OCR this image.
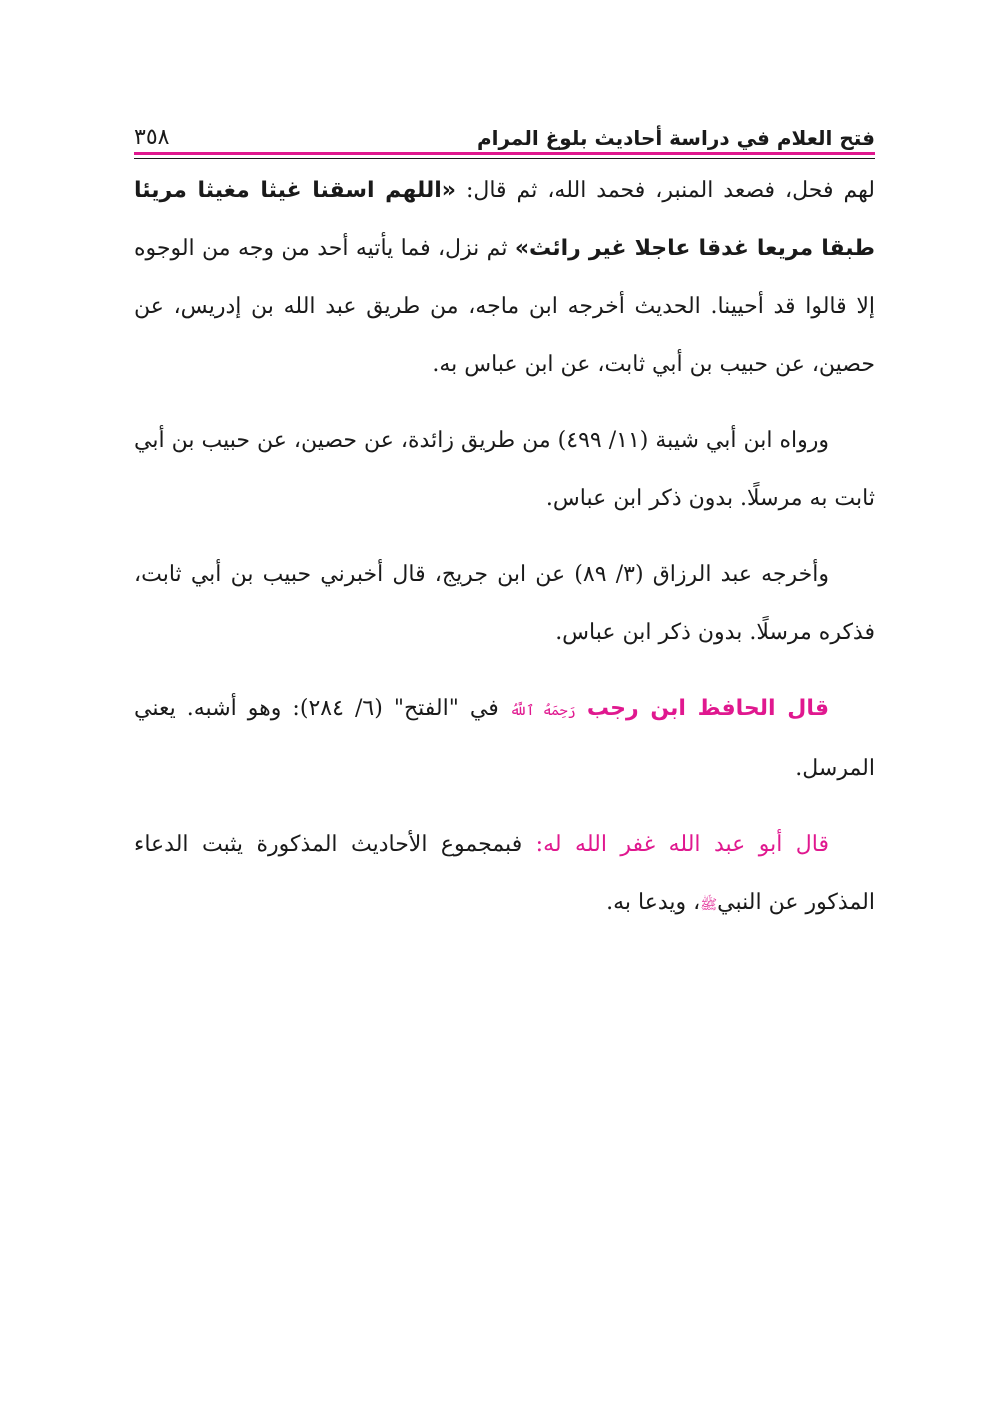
٣٥٨	فتح العلام في دراسة أحاديث بلوغ المرام

لهم فحل، فصعد المنبر، فحمد الله، ثم قال: «اللهم اسقنا غيثا مغيثا مريئا طبقا مريعا غدقا عاجلا غير رائث» ثم نزل، فما يأتيه أحد من وجه من الوجوه إلا قالوا قد أحيينا. الحديث أخرجه ابن ماجه، من طريق عبد الله بن إدريس، عن حصين، عن حبيب بن أبي ثابت، عن ابن عباس به.

ورواه ابن أبي شيبة (١١/ ٤٩٩) من طريق زائدة، عن حصين، عن حبيب بن أبي ثابت به مرسلًا. بدون ذكر ابن عباس.

وأخرجه عبد الرزاق (٣/ ٨٩) عن ابن جريج، قال أخبرني حبيب بن أبي ثابت، فذكره مرسلًا. بدون ذكر ابن عباس.

قال الحافظ ابن رجب رَحِمَهُ ٱللَّهُ في "الفتح" (٦/ ٢٨٤): وهو أشبه. يعني المرسل.

قال أبو عبد الله غفر الله له: فبمجموع الأحاديث المذكورة يثبت الدعاء المذكور عن النبيﷺ، ويدعا به.
